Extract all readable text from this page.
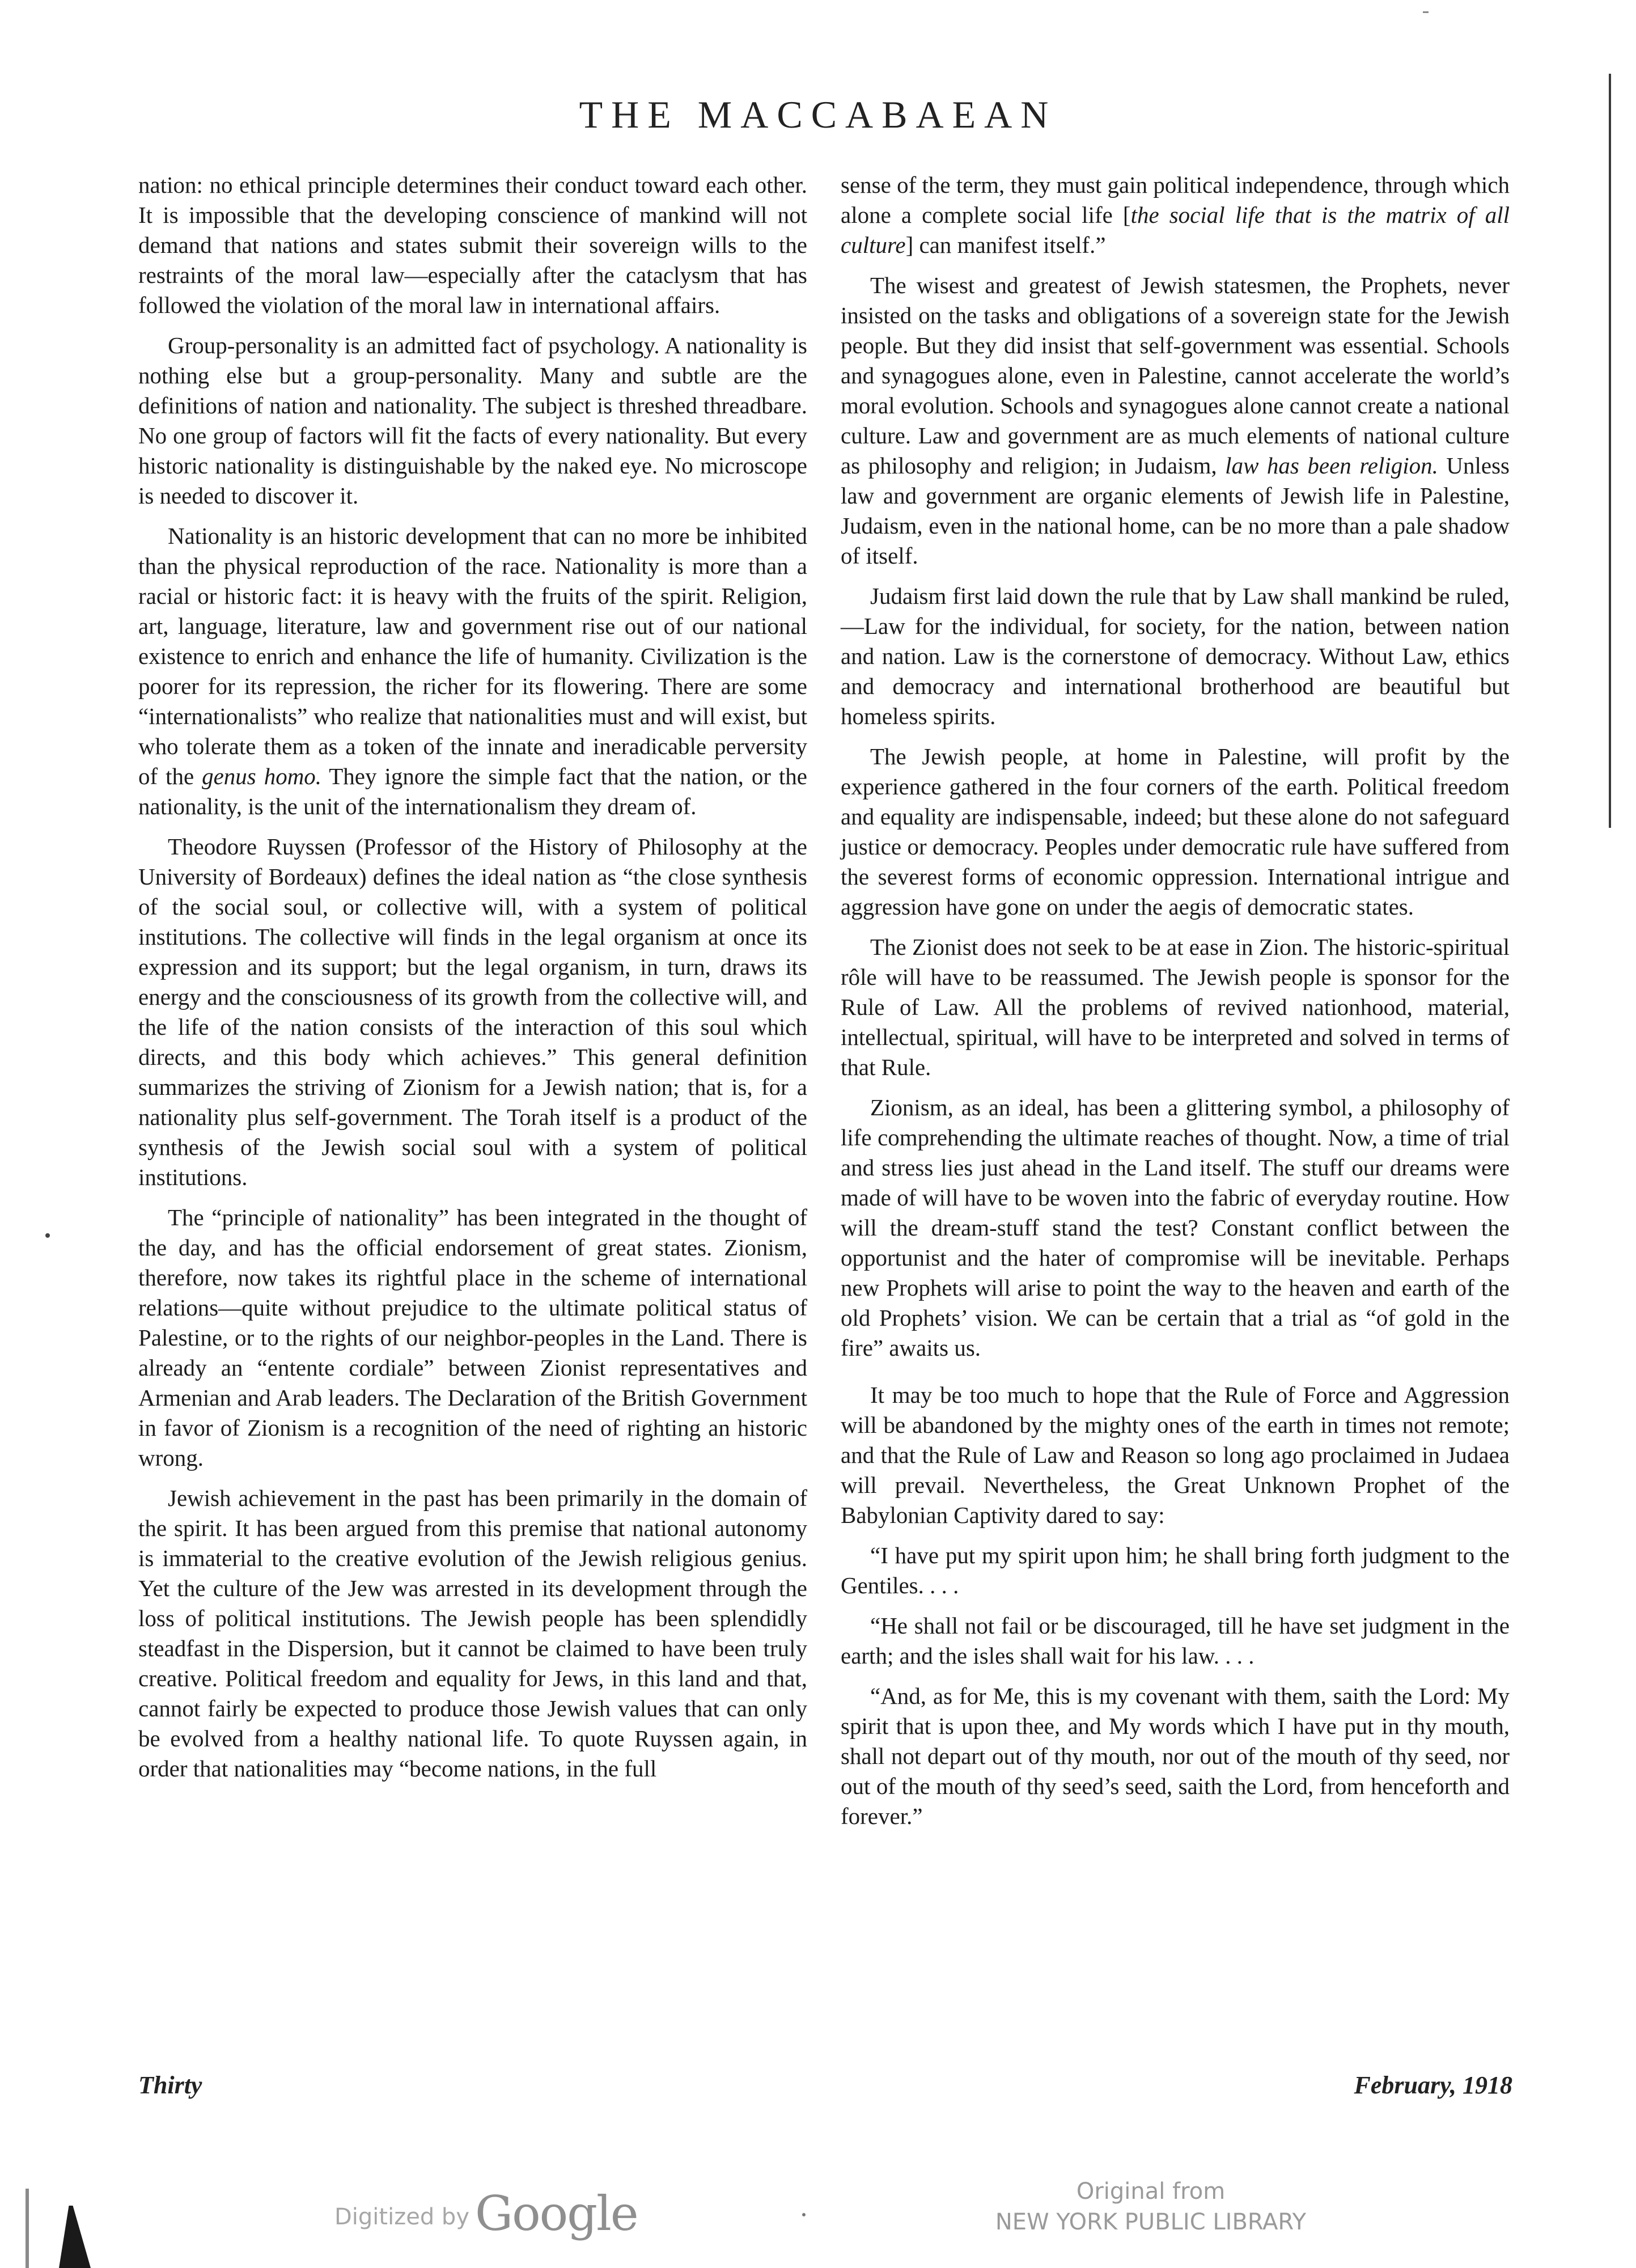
THE MACCABAEAN

nation: no ethical principle determines their conduct toward each other. It is impossible that the developing conscience of mankind will not demand that nations and states submit their sovereign wills to the restraints of the moral law—especially after the cataclysm that has followed the violation of the moral law in international affairs.

Group-personality is an admitted fact of psychology. A nationality is nothing else but a group-personality. Many and subtle are the definitions of nation and nationality. The subject is threshed threadbare. No one group of factors will fit the facts of every nationality. But every historic nationality is distinguishable by the naked eye. No microscope is needed to discover it.

Nationality is an historic development that can no more be inhibited than the physical reproduction of the race. Nationality is more than a racial or historic fact: it is heavy with the fruits of the spirit. Religion, art, language, literature, law and government rise out of our national existence to enrich and enhance the life of humanity. Civilization is the poorer for its repression, the richer for its flowering. There are some “internationalists” who realize that nationalities must and will exist, but who tolerate them as a token of the innate and ineradicable perversity of the genus homo. They ignore the simple fact that the nation, or the nationality, is the unit of the internationalism they dream of.

Theodore Ruyssen (Professor of the History of Philosophy at the University of Bordeaux) defines the ideal nation as “the close synthesis of the social soul, or collective will, with a system of political institutions. The collective will finds in the legal organism at once its expression and its support; but the legal organism, in turn, draws its energy and the consciousness of its growth from the collective will, and the life of the nation consists of the interaction of this soul which directs, and this body which achieves.” This general definition summarizes the striving of Zionism for a Jewish nation; that is, for a nationality plus self-government. The Torah itself is a product of the synthesis of the Jewish social soul with a system of political institutions.

The “principle of nationality” has been integrated in the thought of the day, and has the official endorsement of great states. Zionism, therefore, now takes its rightful place in the scheme of international relations—quite without prejudice to the ultimate political status of Palestine, or to the rights of our neighbor-peoples in the Land. There is already an “entente cordiale” between Zionist representatives and Armenian and Arab leaders. The Declaration of the British Government in favor of Zionism is a recognition of the need of righting an historic wrong.

Jewish achievement in the past has been primarily in the domain of the spirit. It has been argued from this premise that national autonomy is immaterial to the creative evolution of the Jewish religious genius. Yet the culture of the Jew was arrested in its development through the loss of political institutions. The Jewish people has been splendidly steadfast in the Dispersion, but it cannot be claimed to have been truly creative. Political freedom and equality for Jews, in this land and that, cannot fairly be expected to produce those Jewish values that can only be evolved from a healthy national life. To quote Ruyssen again, in order that nationalities may “become nations, in the full

sense of the term, they must gain political independence, through which alone a complete social life [the social life that is the matrix of all culture] can manifest itself.”

The wisest and greatest of Jewish statesmen, the Prophets, never insisted on the tasks and obligations of a sovereign state for the Jewish people. But they did insist that self-government was essential. Schools and synagogues alone, even in Palestine, cannot accelerate the world’s moral evolution. Schools and synagogues alone cannot create a national culture. Law and government are as much elements of national culture as philosophy and religion; in Judaism, law has been religion. Unless law and government are organic elements of Jewish life in Palestine, Judaism, even in the national home, can be no more than a pale shadow of itself.

Judaism first laid down the rule that by Law shall mankind be ruled,—Law for the individual, for society, for the nation, between nation and nation. Law is the cornerstone of democracy. Without Law, ethics and democracy and international brotherhood are beautiful but homeless spirits.

The Jewish people, at home in Palestine, will profit by the experience gathered in the four corners of the earth. Political freedom and equality are indispensable, indeed; but these alone do not safeguard justice or democracy. Peoples under democratic rule have suffered from the severest forms of economic oppression. International intrigue and aggression have gone on under the aegis of democratic states.

The Zionist does not seek to be at ease in Zion. The historic-spiritual rôle will have to be reassumed. The Jewish people is sponsor for the Rule of Law. All the problems of revived nationhood, material, intellectual, spiritual, will have to be interpreted and solved in terms of that Rule.

Zionism, as an ideal, has been a glittering symbol, a philosophy of life comprehending the ultimate reaches of thought. Now, a time of trial and stress lies just ahead in the Land itself. The stuff our dreams were made of will have to be woven into the fabric of everyday routine. How will the dream-stuff stand the test? Constant conflict between the opportunist and the hater of compromise will be inevitable. Perhaps new Prophets will arise to point the way to the heaven and earth of the old Prophets’ vision. We can be certain that a trial as “of gold in the fire” awaits us.

It may be too much to hope that the Rule of Force and Aggression will be abandoned by the mighty ones of the earth in times not remote; and that the Rule of Law and Reason so long ago proclaimed in Judaea will prevail. Nevertheless, the Great Unknown Prophet of the Babylonian Captivity dared to say:

“I have put my spirit upon him; he shall bring forth judgment to the Gentiles. . . .

“He shall not fail or be discouraged, till he have set judgment in the earth; and the isles shall wait for his law. . . .

“And, as for Me, this is my covenant with them, saith the Lord: My spirit that is upon thee, and My words which I have put in thy mouth, shall not depart out of thy mouth, nor out of the mouth of thy seed, nor out of the mouth of thy seed’s seed, saith the Lord, from henceforth and forever.”

Thirty	February, 1918
Digitized by Google	Original from
NEW YORK PUBLIC LIBRARY
